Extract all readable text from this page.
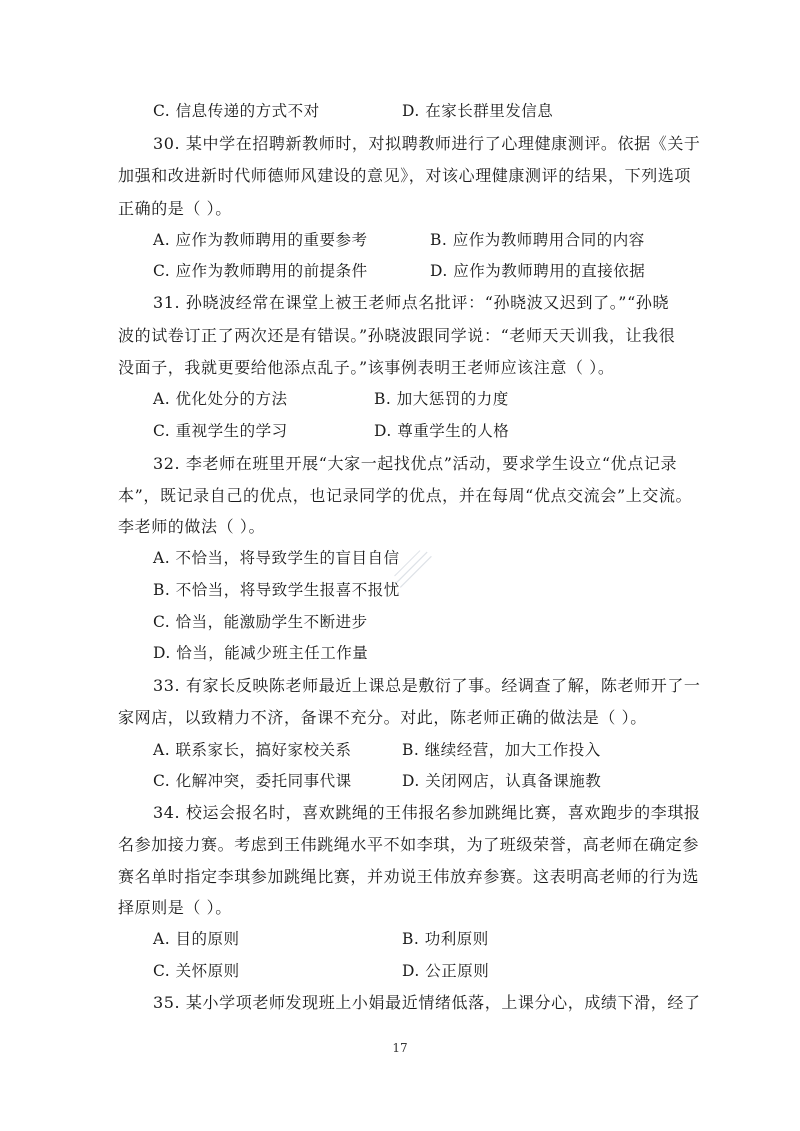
C. 信息传递的方式不对	D. 在家长群里发信息
30. 某中学在招聘新教师时，对拟聘教师进行了心理健康测评。依据《关于
加强和改进新时代师德师风建设的意见》，对该心理健康测评的结果，下列选项
正确的是（ ）。
A. 应作为教师聘用的重要参考	B. 应作为教师聘用合同的内容
C. 应作为教师聘用的前提条件	D. 应作为教师聘用的直接依据
31. 孙晓波经常在课堂上被王老师点名批评：“孙晓波又迟到了。”“孙晓
波的试卷订正了两次还是有错误。”孙晓波跟同学说：“老师天天训我，让我很
没面子，我就更要给他添点乱子。”该事例表明王老师应该注意（ ）。
A. 优化处分的方法	B. 加大惩罚的力度
C. 重视学生的学习	D. 尊重学生的人格
32. 李老师在班里开展“大家一起找优点”活动，要求学生设立“优点记录
本”，既记录自己的优点，也记录同学的优点，并在每周“优点交流会”上交流。
李老师的做法（ ）。
A. 不恰当，将导致学生的盲目自信
B. 不恰当，将导致学生报喜不报忧
C. 恰当，能激励学生不断进步
D. 恰当，能减少班主任工作量
33. 有家长反映陈老师最近上课总是敷衍了事。经调查了解，陈老师开了一
家网店，以致精力不济，备课不充分。对此，陈老师正确的做法是（ ）。
A. 联系家长，搞好家校关系	B. 继续经营，加大工作投入
C. 化解冲突，委托同事代课	D. 关闭网店，认真备课施教
34. 校运会报名时，喜欢跳绳的王伟报名参加跳绳比赛，喜欢跑步的李琪报
名参加接力赛。考虑到王伟跳绳水平不如李琪，为了班级荣誉，高老师在确定参
赛名单时指定李琪参加跳绳比赛，并劝说王伟放弃参赛。这表明高老师的行为选
择原则是（ ）。
A. 目的原则	B. 功利原则
C. 关怀原则	D. 公正原则
35. 某小学项老师发现班上小娟最近情绪低落，上课分心，成绩下滑，经了
17
